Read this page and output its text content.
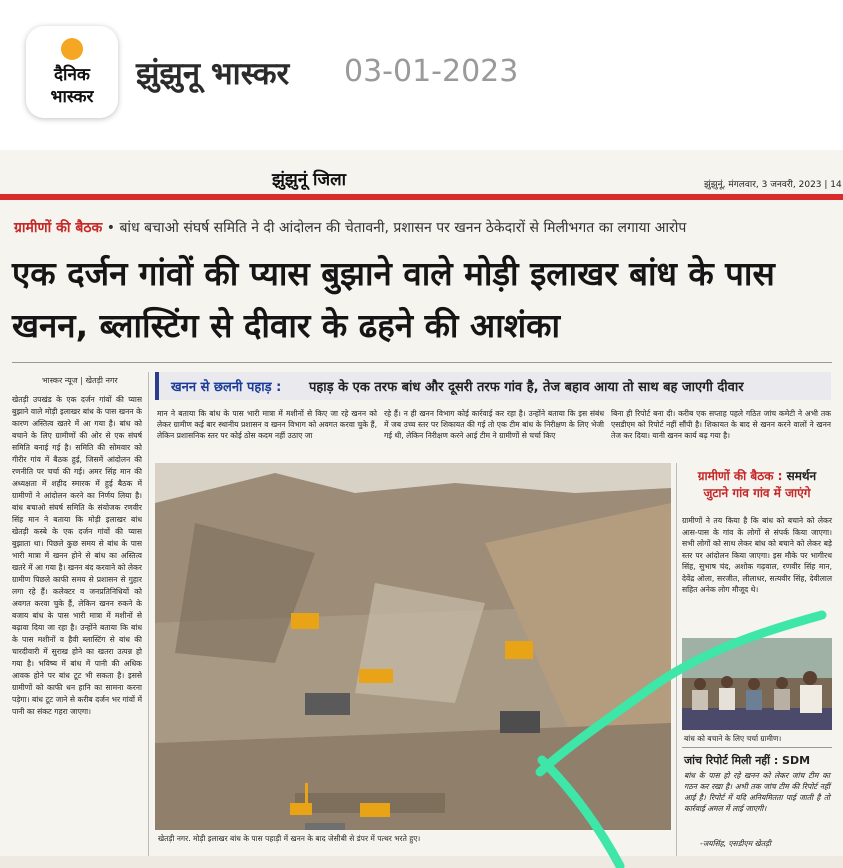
दैनिक
भास्कर
झुंझुनू भास्कर 03-01-2023
झुंझुनूं जिला	झुंझुनूं, मंगलवार, 3 जनवरी, 2023 | 14
ग्रामीणों की बैठक • बांध बचाओ संघर्ष समिति ने दी आंदोलन की चेतावनी, प्रशासन पर खनन ठेकेदारों से मिलीभगत का लगाया आरोप
एक दर्जन गांवों की प्यास बुझाने वाले मोड़ी इलाखर बांध के पास खनन, ब्लास्टिंग से दीवार के ढहने की आशंका
भास्कर न्यूज | खेतड़ी नगर
खेतड़ी उपखंड के एक दर्जन गांवों की प्यास बुझाने वाले मोड़ी इलाखर बांध के पास खनन के कारण अस्तित्व खतरे में आ गया है। बांध को बचाने के लिए ग्रामीणों की ओर से एक संघर्ष समिति बनाई गई है। समिति की सोमवार को गीरीर गांव में बैठक हुई, जिसमें आंदोलन की रणनीति पर चर्चा की गई। अमर सिंह मान की अध्यक्षता में शहीद स्मारक में हुई बैठक में ग्रामीणों ने आंदोलन करने का निर्णय लिया है। बांध बचाओ संघर्ष समिति के संयोजक रणवीर सिंह मान ने बताया कि मोड़ी इलाखर बांध खेतड़ी कस्बे के एक दर्जन गांवों की प्यास बुझाता था। पिछले कुछ समय से बांध के पास भारी मात्रा में खनन होने से बांध का अस्तित्व खतरे में आ गया है। खनन बंद करवाने को लेकर ग्रामीण पिछले काफी समय से प्रशासन से गुहार लगा रहे हैं। कलेक्टर व जनप्रतिनिधियों को अवगत करवा चुके हैं, लेकिन खनन रुकने के बजाय बांध के पास भारी मात्रा में मशीनों से बढ़ावा दिया जा रहा है। उन्होंने बताया कि बांध के पास मशीनों व हैवी ब्लास्टिंग से बांध की चारदीवारी में सुराख होने का खतरा उत्पन्न हो गया है। भविष्य में बांध में पानी की अधिक आवक होने पर बांध टूट भी सकता है। इससे ग्रामीणों को काफी धन हानि का सामना करना पड़ेगा। बांध टूट जाने से करीब दर्जन भर गांवों में पानी का संकट गहरा जाएगा।
खनन से छलनी पहाड़ : पहाड़ के एक तरफ बांध और दूसरी तरफ गांव है, तेज बहाव आया तो साथ बह जाएगी दीवार
मान ने बताया कि बांध के पास भारी मात्रा में मशीनों से किए जा रहे खनन को लेकर ग्रामीण कई बार स्थानीय प्रशासन व खनन विभाग को अवगत करवा चुके हैं, लेकिन प्रशासनिक स्तर पर कोई ठोस कदम नहीं उठाए जा
रहे हैं। न ही खनन विभाग कोई कार्रवाई कर रहा है। उन्होंने बताया कि इस संबंध में जब उच्च स्तर पर शिकायत की गई तो एक टीम बांध के निरीक्षण के लिए भेजी गई थी, लेकिन निरीक्षण करने आई टीम ने ग्रामीणों से चर्चा किए
बिना ही रिपोर्ट बना दी। करीब एक सप्ताह पहले गठित जांच कमेटी ने अभी तक एसडीएम को रिपोर्ट नहीं सौंपी है। शिकायत के बाद से खनन करने वालों ने खनन तेज कर दिया। यानी खनन कार्य बढ़ गया है।
खेतड़ी नगर. मोड़ी इलाखर बांध के पास पहाड़ी में खनन के बाद जेसीबी से डंपर में पत्थर भरते हुए।
ग्रामीणों की बैठक : समर्थन
जुटाने गांव गांव में जाएंगे
ग्रामीणों ने तय किया है कि बांध को बचाने को लेकर आस-पास के गांव के लोगों से संपर्क किया जाएगा। सभी लोगों को साथ लेकर बांध को बचाने को लेकर बड़े स्तर पर आंदोलन किया जाएगा। इस मौके पर भागीरथ सिंह, सुभाष चंद, अशोक गढ़वाल, रणवीर सिंह मान, देवेंद्र ओला, सरजीत, लीलाधर, सत्यवीर सिंह, देवीलाल सहित अनेक लोग मौजूद थे।
बांध को बचाने के लिए चर्चा ग्रामीण।
जांच रिपोर्ट मिली नहीं : SDM
बांध के पास हो रहे खनन को लेकर जांच टीम का गठन कर रखा है। अभी तक जांच टीम की रिपोर्ट नहीं आई है। रिपोर्ट में यदि अनियमितता पाई जाती है तो कार्रवाई अमल में लाई जाएगी।
-जयसिंह, एसडीएम खेतड़ी
